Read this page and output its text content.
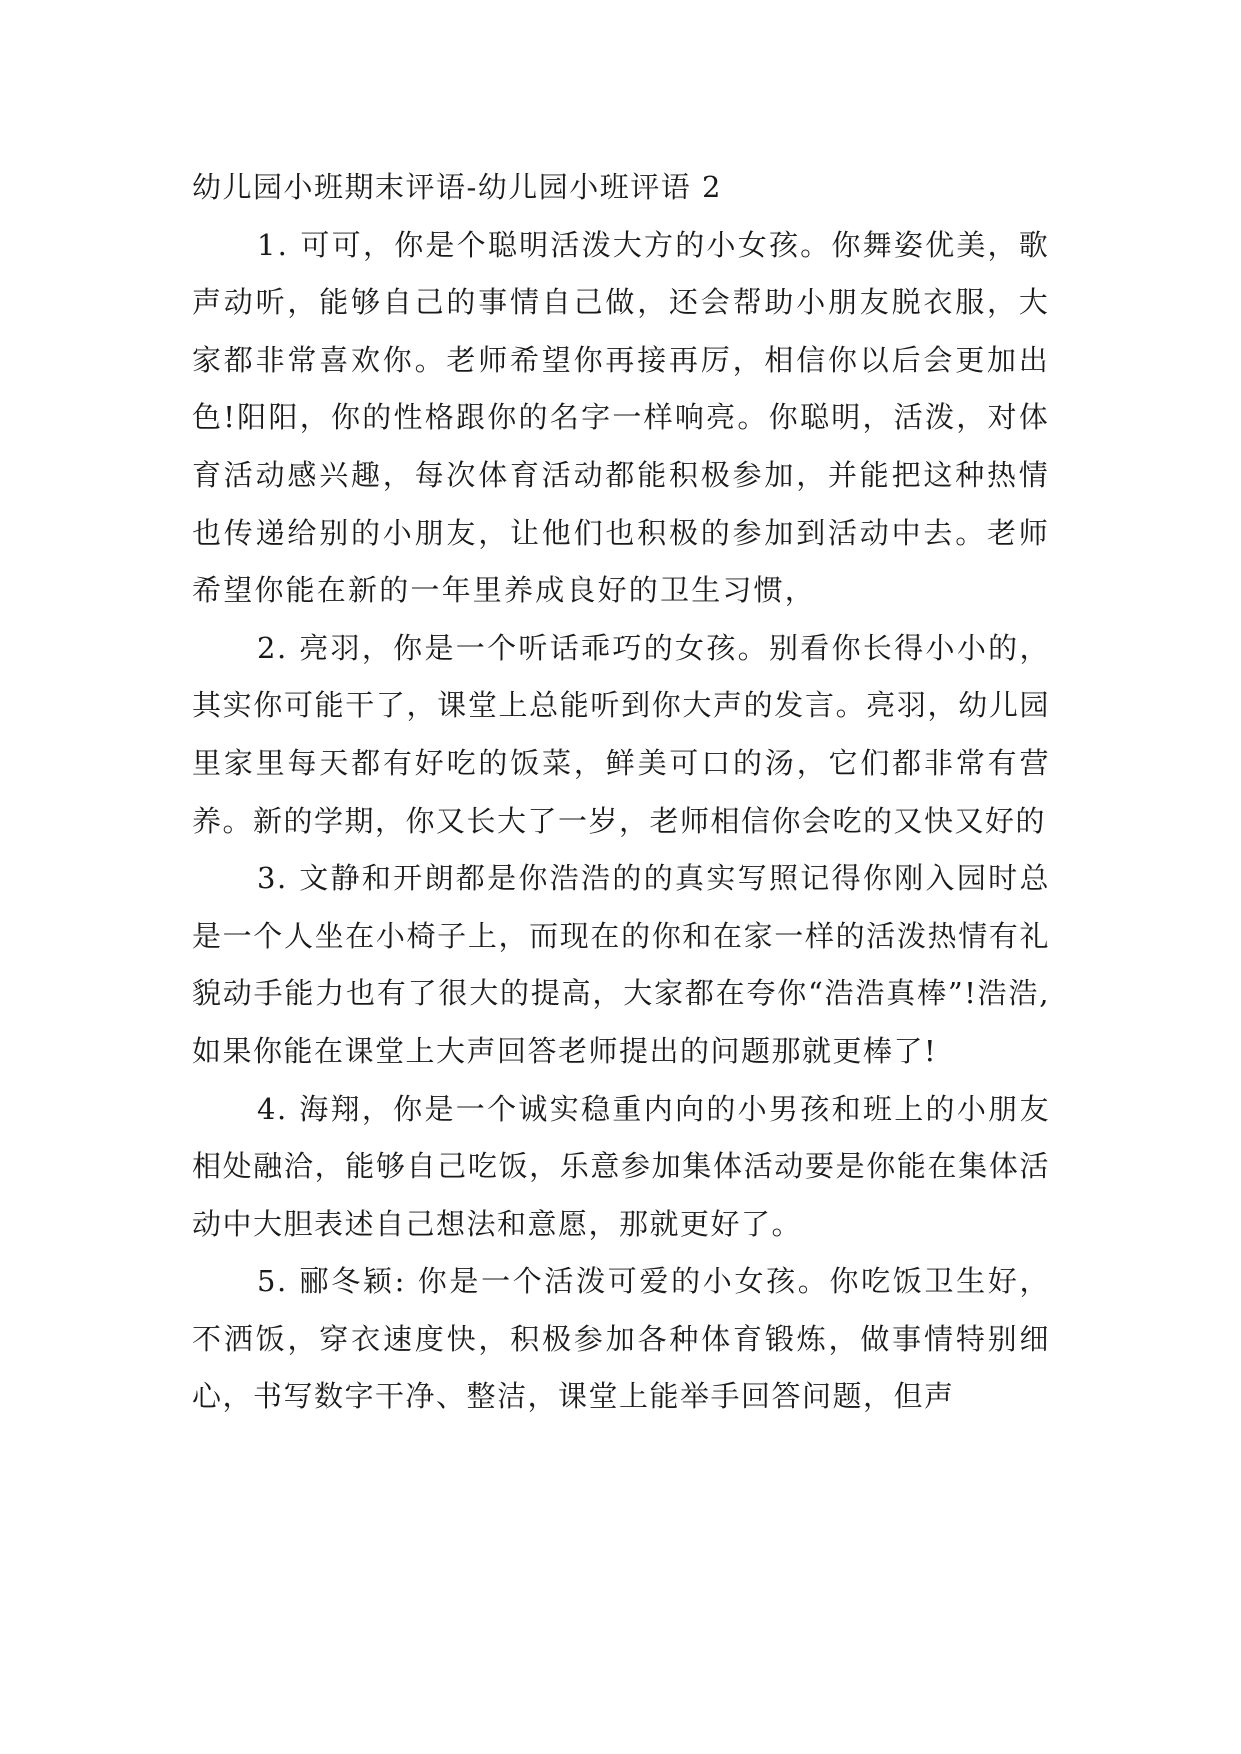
幼儿园小班期末评语-幼儿园小班评语 2

1. 可可，你是个聪明活泼大方的小女孩。你舞姿优美，歌声动听，能够自己的事情自己做，还会帮助小朋友脱衣服，大家都非常喜欢你。老师希望你再接再厉，相信你以后会更加出色!阳阳，你的性格跟你的名字一样响亮。你聪明，活泼，对体育活动感兴趣，每次体育活动都能积极参加，并能把这种热情也传递给别的小朋友，让他们也积极的参加到活动中去。老师希望你能在新的一年里养成良好的卫生习惯，

2. 亮羽，你是一个听话乖巧的女孩。别看你长得小小的，其实你可能干了，课堂上总能听到你大声的发言。亮羽，幼儿园里家里每天都有好吃的饭菜，鲜美可口的汤，它们都非常有营养。新的学期，你又长大了一岁，老师相信你会吃的又快又好的

3. 文静和开朗都是你浩浩的的真实写照记得你刚入园时总是一个人坐在小椅子上，而现在的你和在家一样的活泼热情有礼貌动手能力也有了很大的提高，大家都在夸你“浩浩真棒”!浩浩,如果你能在课堂上大声回答老师提出的问题那就更棒了!

4. 海翔，你是一个诚实稳重内向的小男孩和班上的小朋友相处融洽，能够自己吃饭，乐意参加集体活动要是你能在集体活动中大胆表述自己想法和意愿，那就更好了。

5. 郦冬颖: 你是一个活泼可爱的小女孩。你吃饭卫生好，不洒饭，穿衣速度快，积极参加各种体育锻炼，做事情特别细心，书写数字干净、整洁，课堂上能举手回答问题，但声
